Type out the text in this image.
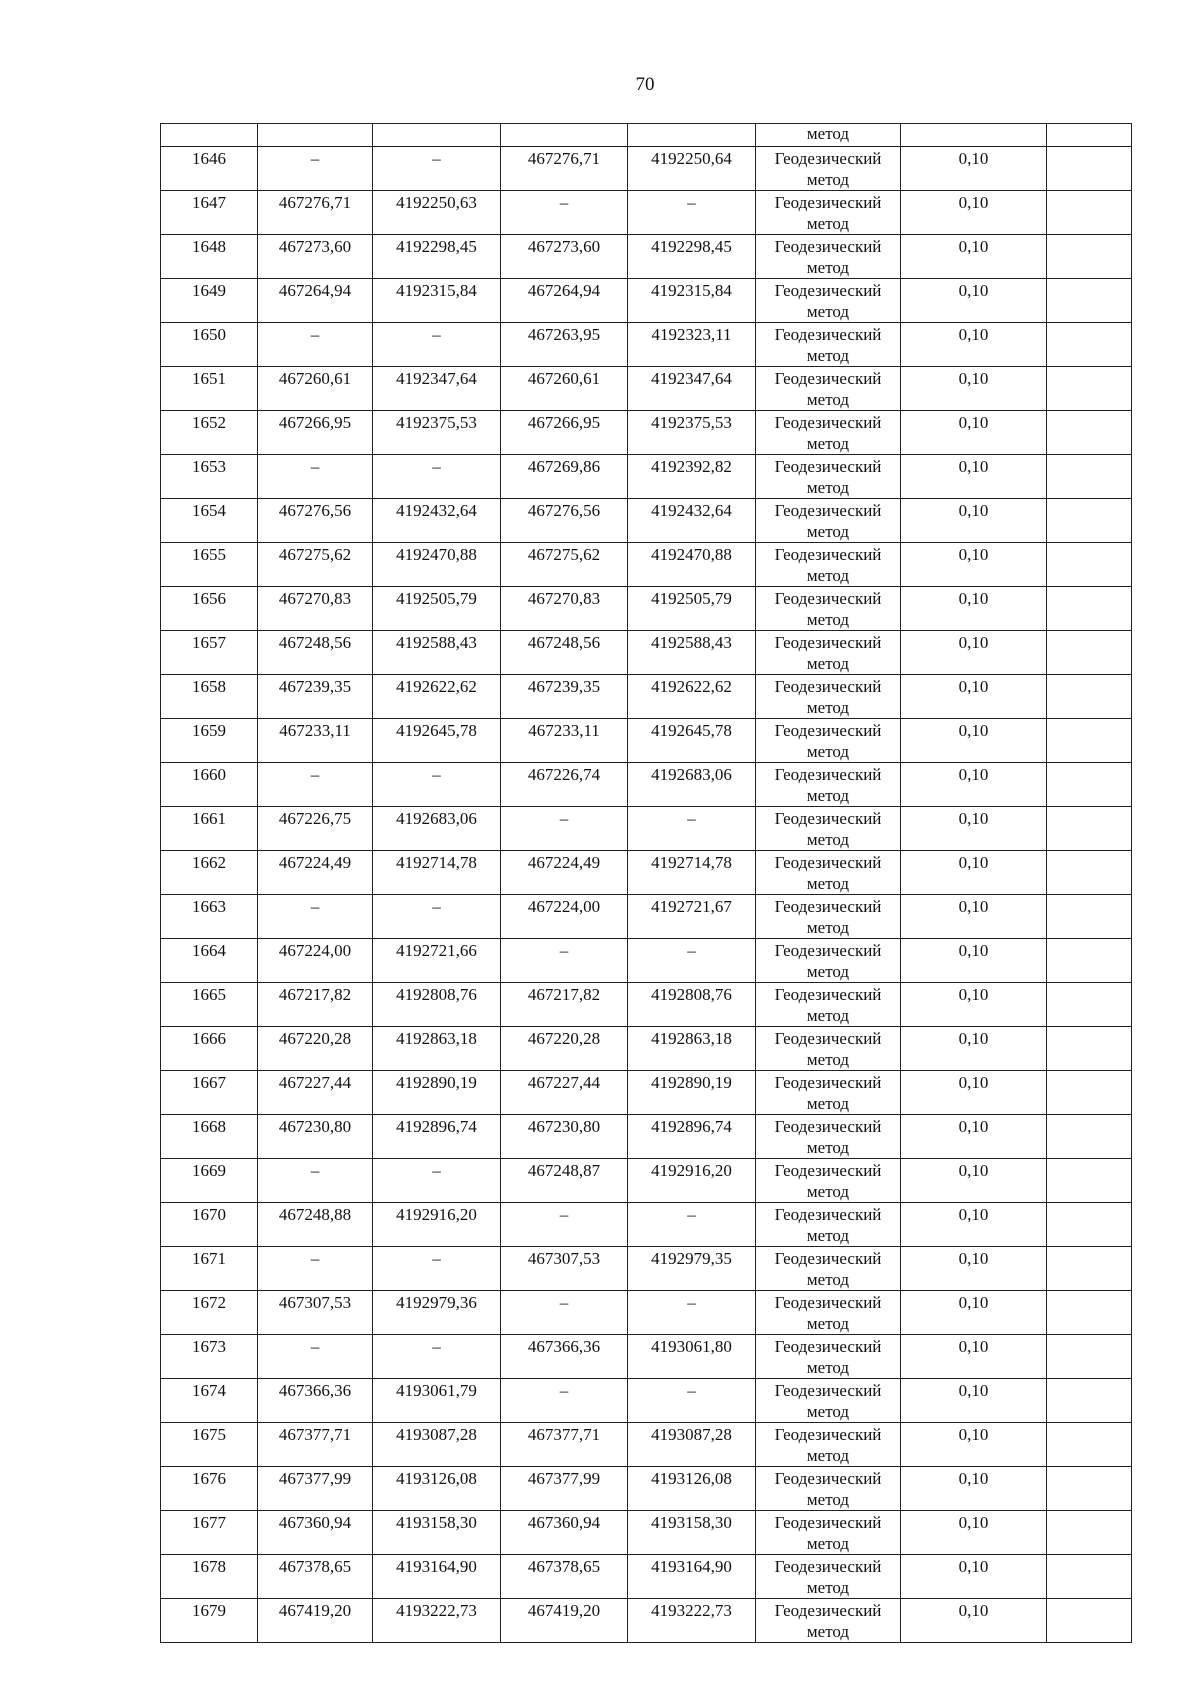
70
					метод		

1646	–	–	467276,71	4192250,64	Геодезический
метод	0,10	

1647	467276,71	4192250,63	–	–	Геодезический
метод	0,10	

1648	467273,60	4192298,45	467273,60	4192298,45	Геодезический
метод	0,10	

1649	467264,94	4192315,84	467264,94	4192315,84	Геодезический
метод	0,10	

1650	–	–	467263,95	4192323,11	Геодезический
метод	0,10	

1651	467260,61	4192347,64	467260,61	4192347,64	Геодезический
метод	0,10	

1652	467266,95	4192375,53	467266,95	4192375,53	Геодезический
метод	0,10	

1653	–	–	467269,86	4192392,82	Геодезический
метод	0,10	

1654	467276,56	4192432,64	467276,56	4192432,64	Геодезический
метод	0,10	

1655	467275,62	4192470,88	467275,62	4192470,88	Геодезический
метод	0,10	

1656	467270,83	4192505,79	467270,83	4192505,79	Геодезический
метод	0,10	

1657	467248,56	4192588,43	467248,56	4192588,43	Геодезический
метод	0,10	

1658	467239,35	4192622,62	467239,35	4192622,62	Геодезический
метод	0,10	

1659	467233,11	4192645,78	467233,11	4192645,78	Геодезический
метод	0,10	

1660	–	–	467226,74	4192683,06	Геодезический
метод	0,10	

1661	467226,75	4192683,06	–	–	Геодезический
метод	0,10	

1662	467224,49	4192714,78	467224,49	4192714,78	Геодезический
метод	0,10	

1663	–	–	467224,00	4192721,67	Геодезический
метод	0,10	

1664	467224,00	4192721,66	–	–	Геодезический
метод	0,10	

1665	467217,82	4192808,76	467217,82	4192808,76	Геодезический
метод	0,10	

1666	467220,28	4192863,18	467220,28	4192863,18	Геодезический
метод	0,10	

1667	467227,44	4192890,19	467227,44	4192890,19	Геодезический
метод	0,10	

1668	467230,80	4192896,74	467230,80	4192896,74	Геодезический
метод	0,10	

1669	–	–	467248,87	4192916,20	Геодезический
метод	0,10	

1670	467248,88	4192916,20	–	–	Геодезический
метод	0,10	

1671	–	–	467307,53	4192979,35	Геодезический
метод	0,10	

1672	467307,53	4192979,36	–	–	Геодезический
метод	0,10	

1673	–	–	467366,36	4193061,80	Геодезический
метод	0,10	

1674	467366,36	4193061,79	–	–	Геодезический
метод	0,10	

1675	467377,71	4193087,28	467377,71	4193087,28	Геодезический
метод	0,10	

1676	467377,99	4193126,08	467377,99	4193126,08	Геодезический
метод	0,10	

1677	467360,94	4193158,30	467360,94	4193158,30	Геодезический
метод	0,10	

1678	467378,65	4193164,90	467378,65	4193164,90	Геодезический
метод	0,10	

1679	467419,20	4193222,73	467419,20	4193222,73	Геодезический
метод	0,10	
